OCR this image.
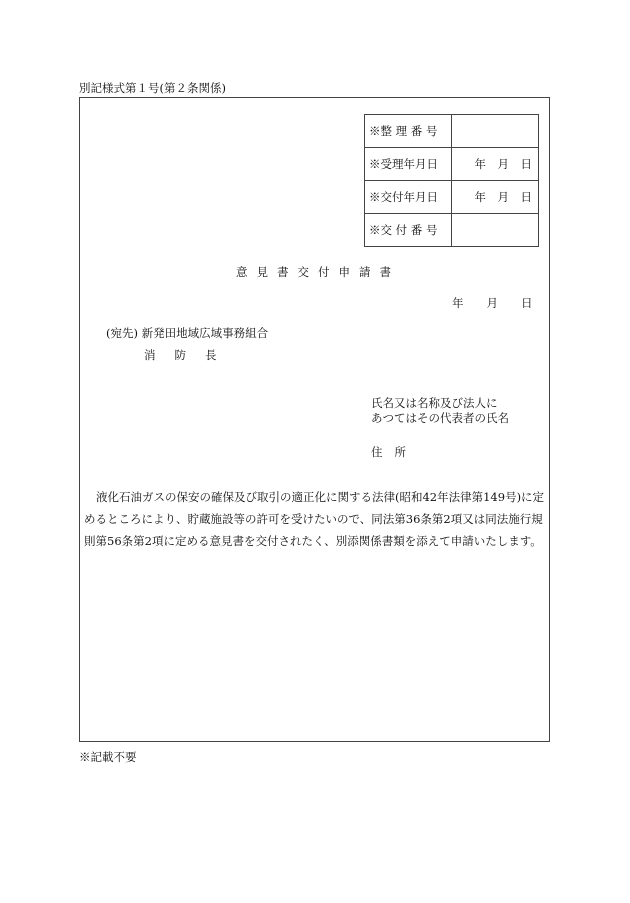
別記様式第１号(第２条関係)
※整 理 番 号	
※受理年月日	年　月　日
※交付年月日	年　月　日
※交 付 番 号	
意見書交付申請書
年　　月　　日
(宛先) 新発田地域広域事務組合
消防長
氏名又は名称及び法人に
あつてはその代表者の氏名
住所

液化石油ガスの保安の確保及び取引の適正化に関する法律(昭和42年法律第149号)に定めるところにより、貯蔵施設等の許可を受けたいので、同法第36条第2項又は同法施行規則第56条第2項に定める意見書を交付されたく、別添関係書類を添えて申請いたします。

※記載不要
